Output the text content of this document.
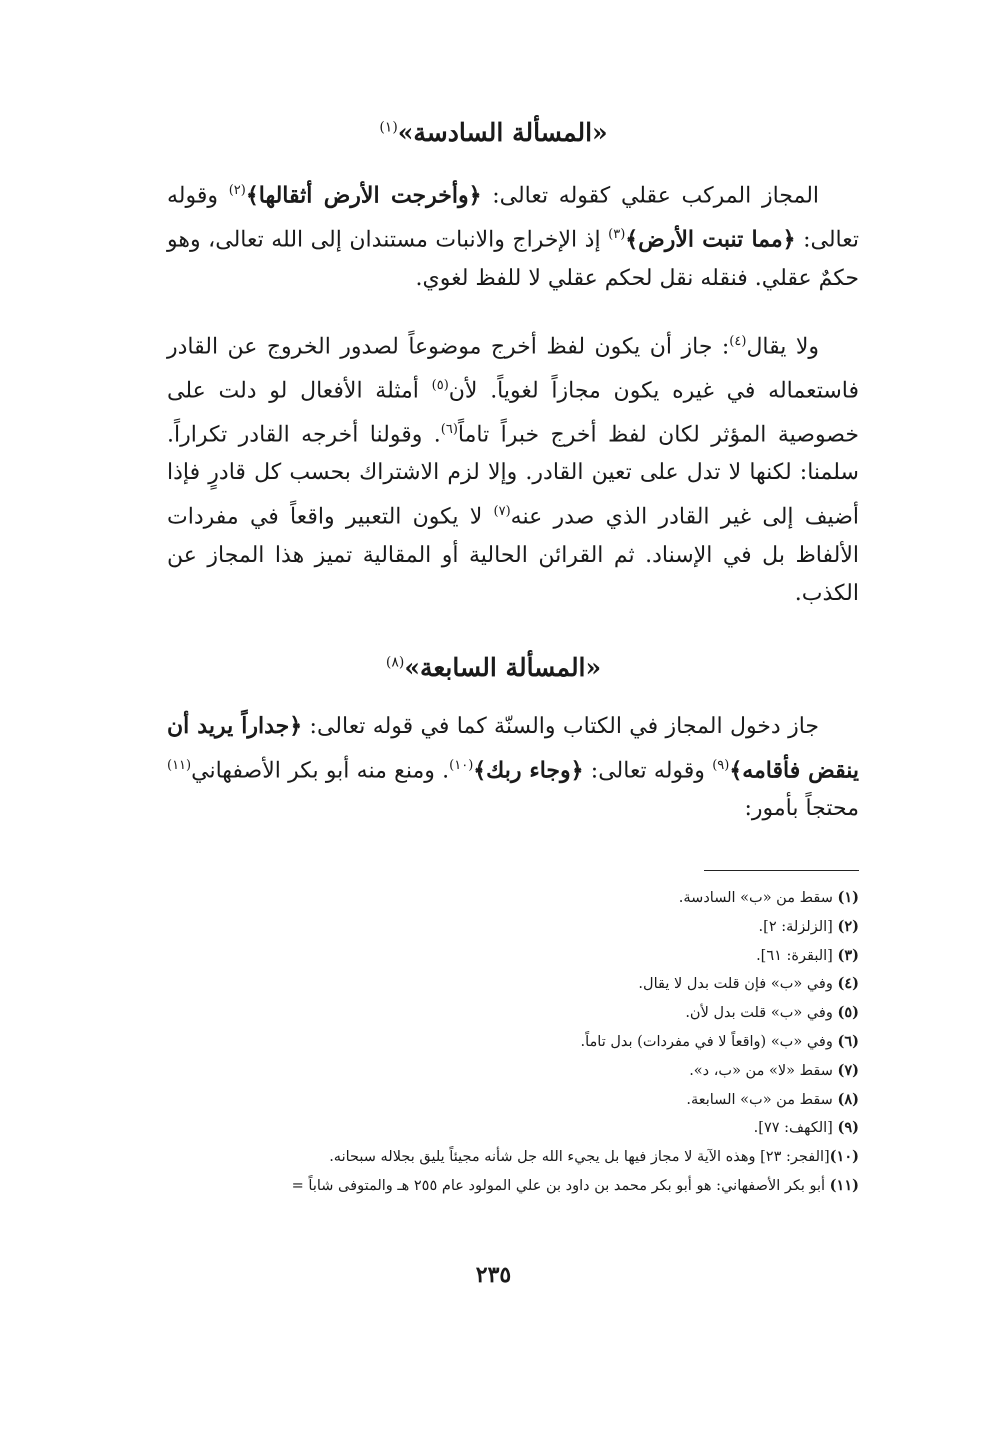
«المسألة السادسة»$^{(١)}$

المجاز المركب عقلي كقوله تعالى: ﴿وأخرجت الأرض أثقالها﴾$^{(٢)}$ وقوله تعالى: ﴿مما تنبت الأرض﴾$^{(٣)}$ إذ الإخراج والانبات مستندان إلى الله تعالى، وهو حكمٌ عقلي. فنقله نقل لحكم عقلي لا للفظ لغوي.

ولا يقال$^{(٤)}$: جاز أن يكون لفظ أخرج موضوعاً لصدور الخروج عن القادر فاستعماله في غيره يكون مجازاً لغوياً. لأن$^{(٥)}$ أمثلة الأفعال لو دلت على خصوصية المؤثر لكان لفظ أخرج خبراً تاماً$^{(٦)}$. وقولنا أخرجه القادر تكراراً. سلمنا: لكنها لا تدل على تعين القادر. وإلا لزم الاشتراك بحسب كل قادرٍ فإذا أضيف إلى غير القادر الذي صدر عنه$^{(٧)}$ لا يكون التعبير واقعاً في مفردات الألفاظ بل في الإسناد. ثم القرائن الحالية أو المقالية تميز هذا المجاز عن الكذب.

«المسألة السابعة»$^{(٨)}$

جاز دخول المجاز في الكتاب والسنّة كما في قوله تعالى: ﴿جداراً يريد أن ينقض فأقامه﴾$^{(٩)}$ وقوله تعالى: ﴿وجاء ربك﴾$^{(١٠)}$. ومنع منه أبو بكر الأصفهاني$^{(١١)}$ محتجاً بأمور:

(١) سقط من «ب» السادسة.
(٢) [الزلزلة: ٢].
(٣) [البقرة: ٦١].
(٤) وفي «ب» فإن قلت بدل لا يقال.
(٥) وفي «ب» قلت بدل لأن.
(٦) وفي «ب» (واقعاً لا في مفردات) بدل تاماً.
(٧) سقط «لا» من «ب، د».
(٨) سقط من «ب» السابعة.
(٩) [الكهف: ٧٧].
(١٠)[الفجر: ٢٣] وهذه الآية لا مجاز فيها بل يجيء الله جل شأنه مجيئاً يليق بجلاله سبحانه.
(١١) أبو بكر الأصفهاني: هو أبو بكر محمد بن داود بن علي المولود عام ٢٥٥ هـ والمتوفى شاباً =
٢٣٥
